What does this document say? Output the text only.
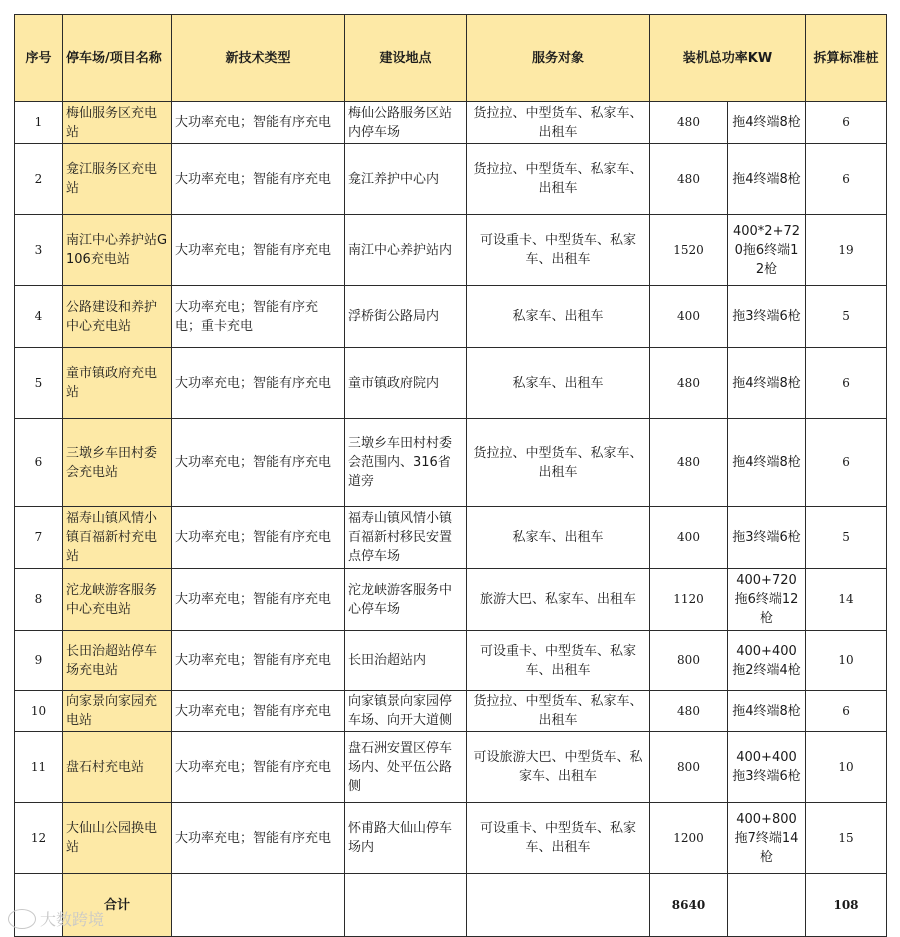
序号	停车场/项目名称	新技术类型	建设地点	服务对象	装机总功率KW		拆算标准桩
1	梅仙服务区充电站	大功率充电；智能有序充电	梅仙公路服务区站内停车场	货拉拉、中型货车、私家车、出租车	480	拖4终端8枪	6
2	龛江服务区充电站	大功率充电；智能有序充电	龛江养护中心内	货拉拉、中型货车、私家车、出租车	480	拖4终端8枪	6
3	南江中心养护站G106充电站	大功率充电；智能有序充电	南江中心养护站内	可设重卡、中型货车、私家车、出租车	1520	400*2+720拖6终端12枪	19
4	公路建设和养护中心充电站	大功率充电；智能有序充电；重卡充电	浮桥街公路局内	私家车、出租车	400	拖3终端6枪	5
5	童市镇政府充电站	大功率充电；智能有序充电	童市镇政府院内	私家车、出租车	480	拖4终端8枪	6
6	三墩乡车田村委会充电站	大功率充电；智能有序充电	三墩乡车田村村委会范围内、316省道旁	货拉拉、中型货车、私家车、出租车	480	拖4终端8枪	6
7	福寿山镇风情小镇百福新村充电站	大功率充电；智能有序充电	福寿山镇风情小镇百福新村移民安置点停车场	私家车、出租车	400	拖3终端6枪	5
8	沱龙峡游客服务中心充电站	大功率充电；智能有序充电	沱龙峡游客服务中心停车场	旅游大巴、私家车、出租车	1120	400+720拖6终端12枪	14
9	长田治超站停车场充电站	大功率充电；智能有序充电	长田治超站内	可设重卡、中型货车、私家车、出租车	800	400+400拖2终端4枪	10
10	向家景向家园充电站	大功率充电；智能有序充电	向家镇景向家园停车场、向开大道侧	货拉拉、中型货车、私家车、出租车	480	拖4终端8枪	6
11	盘石村充电站	大功率充电；智能有序充电	盘石洲安置区停车场内、处平伍公路侧	可设旅游大巴、中型货车、私家车、出租车	800	400+400拖3终端6枪	10
12	大仙山公园换电站	大功率充电；智能有序充电	怀甫路大仙山停车场内	可设重卡、中型货车、私家车、出租车	1200	400+800拖7终端14枪	15
	合计				8640		108
大数跨境
